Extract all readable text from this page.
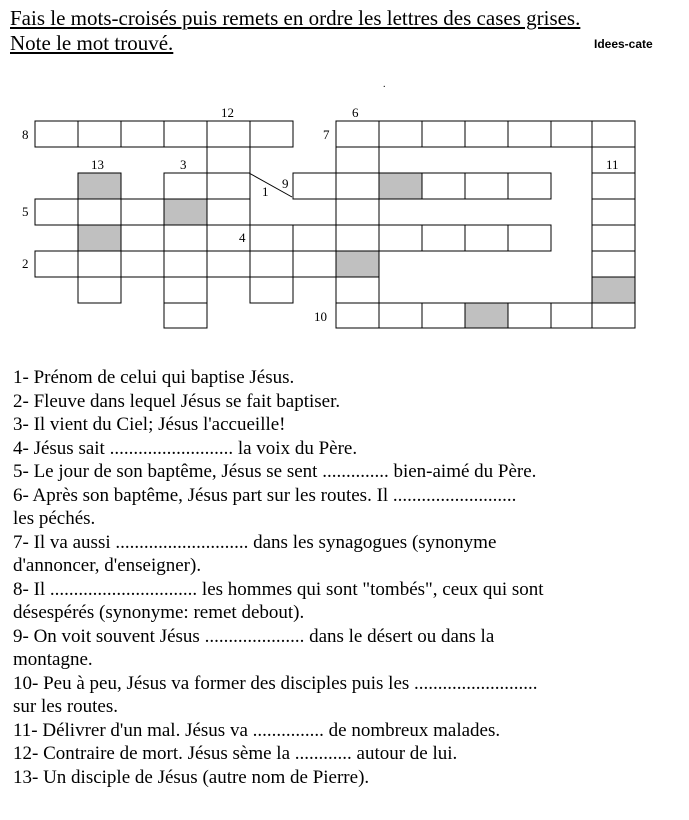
Fais le mots-croisés puis remets en ordre les lettres des cases grises.
Note le mot trouvé.	Idees-cate
.
12	6
8	7
13	3	11
9
1
5
4
2
10

1- Prénom de celui qui baptise Jésus.

2- Fleuve dans lequel Jésus se fait baptiser.

3- Il vient du Ciel; Jésus l'accueille!

4- Jésus sait .......................... la voix du Père.

5- Le jour de son baptême, Jésus se sent .............. bien-aimé du Père.

6- Après son baptême, Jésus part sur les routes. Il ..........................

les péchés.

7- Il va aussi ............................ dans les synagogues (synonyme

d'annoncer, d'enseigner).

8- Il ............................... les hommes qui sont "tombés", ceux qui sont

désespérés (synonyme: remet debout).

9- On voit souvent Jésus ..................... dans le désert ou dans la

montagne.

10- Peu à peu, Jésus va former des disciples puis les ..........................

sur les routes.

11- Délivrer d'un mal. Jésus va ............... de nombreux malades.

12- Contraire de mort. Jésus sème la ............ autour de lui.

13- Un disciple de Jésus (autre nom de Pierre).
